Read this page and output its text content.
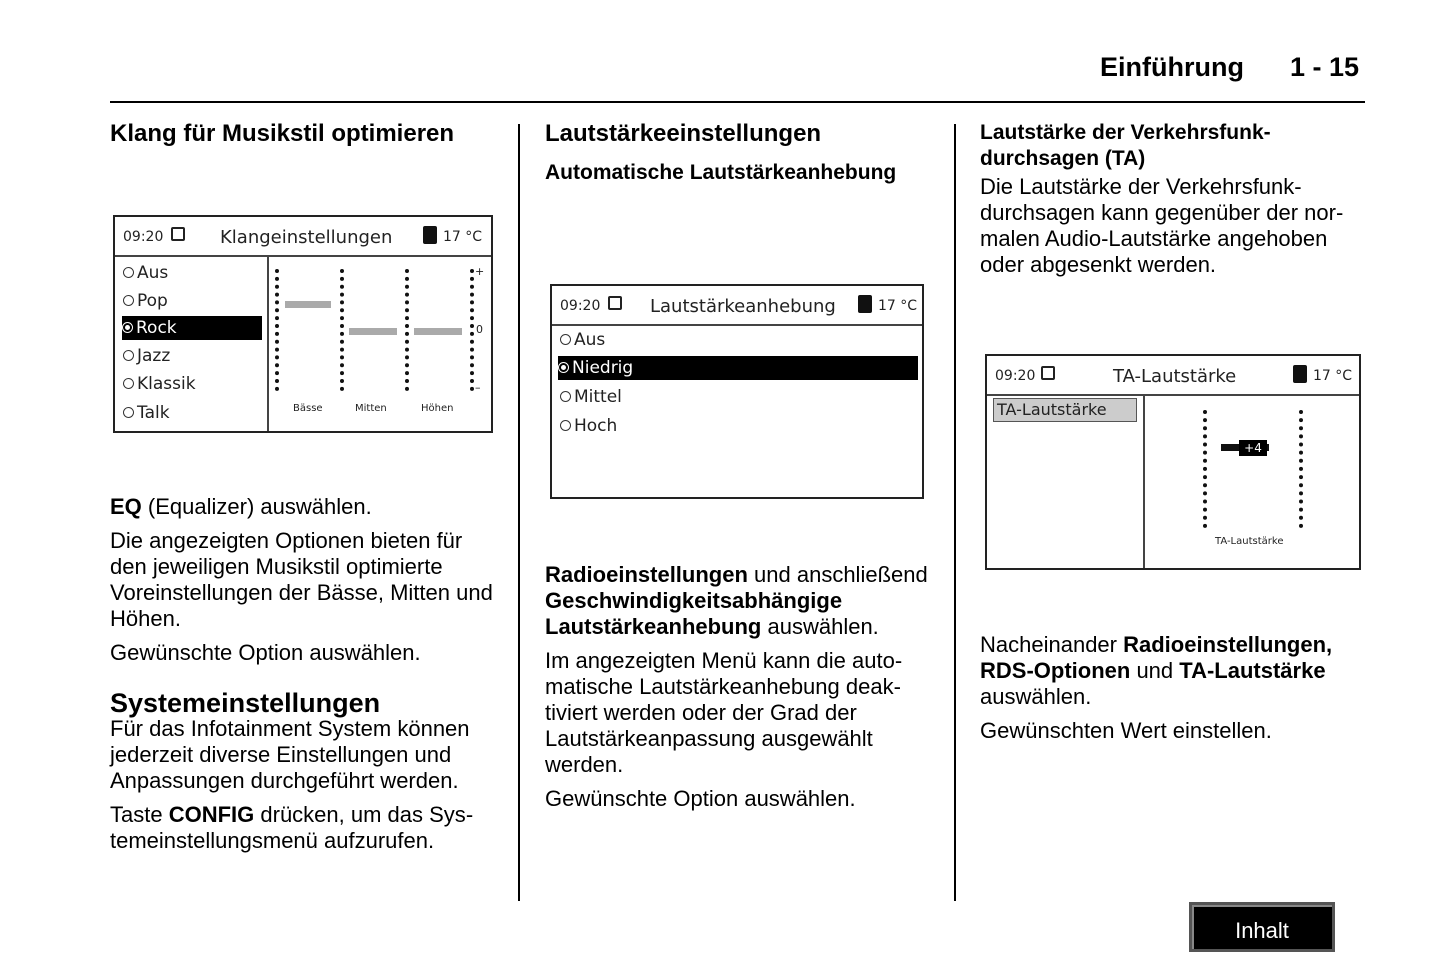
Einführung 1 - 15
Klang für Musikstil optimieren
09:20	Klangeinstellungen	17 °C
Aus
Pop
Rock
Jazz
Klassik
Talk
+
0
–
Bässe	Mitten	Höhen

EQ (Equalizer) auswählen.

Die angezeigten Optionen bieten für den jeweiligen Musikstil optimierte Voreinstellungen der Bässe, Mitten und Höhen.

Gewünschte Option auswählen.

Systemeinstellungen

Für das Infotainment System können jederzeit diverse Einstellungen und Anpassungen durchgeführt werden.

Taste CONFIG drücken, um das Systemeinstellungsmenü aufzurufen.

Lautstärkeeinstellungen
Automatische Lautstärkeanhebung
09:20	Lautstärkeanhebung	17 °C
Aus
Niedrig
Mittel
Hoch

Radioeinstellungen und anschließend Geschwindigkeitsabhängige Lautstärkeanhebung auswählen.

Im angezeigten Menü kann die automatische Lautstärkeanhebung deaktiviert werden oder der Grad der Lautstärkeanpassung ausgewählt werden.

Gewünschte Option auswählen.

Lautstärke der Verkehrsfunkdurchsagen (TA)

Die Lautstärke der Verkehrsfunkdurchsagen kann gegenüber der normalen Audio-Lautstärke angehoben oder abgesenkt werden.

09:20	TA-Lautstärke	17 °C
TA-Lautstärke
+4
TA-Lautstärke

Nacheinander Radioeinstellungen, RDS-Optionen und TA-Lautstärke auswählen.

Gewünschten Wert einstellen.

Inhalt
